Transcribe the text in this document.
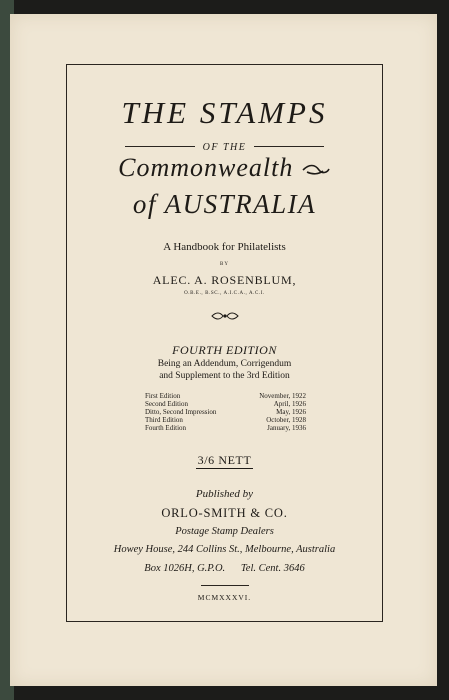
THE STAMPS
OF THE
Commonwealth
of AUSTRALIA
A Handbook for Philatelists
BY
ALEC. A. ROSENBLUM,
O.B.E., B.SC., A.I.C.A., A.C.I.
FOURTH EDITION
Being an Addendum, Corrigendum
and Supplement to the 3rd Edition
First Edition	November, 1922
Second Edition	April, 1926
Ditto, Second Impression	May, 1926
Third Edition	October, 1928
Fourth Edition	January, 1936
3/6 NETT
Published by
ORLO-SMITH & CO.
Postage Stamp Dealers
Howey House, 244 Collins St., Melbourne, Australia
Box 1026H, G.P.O.      Tel. Cent. 3646
MCMXXXVI.
